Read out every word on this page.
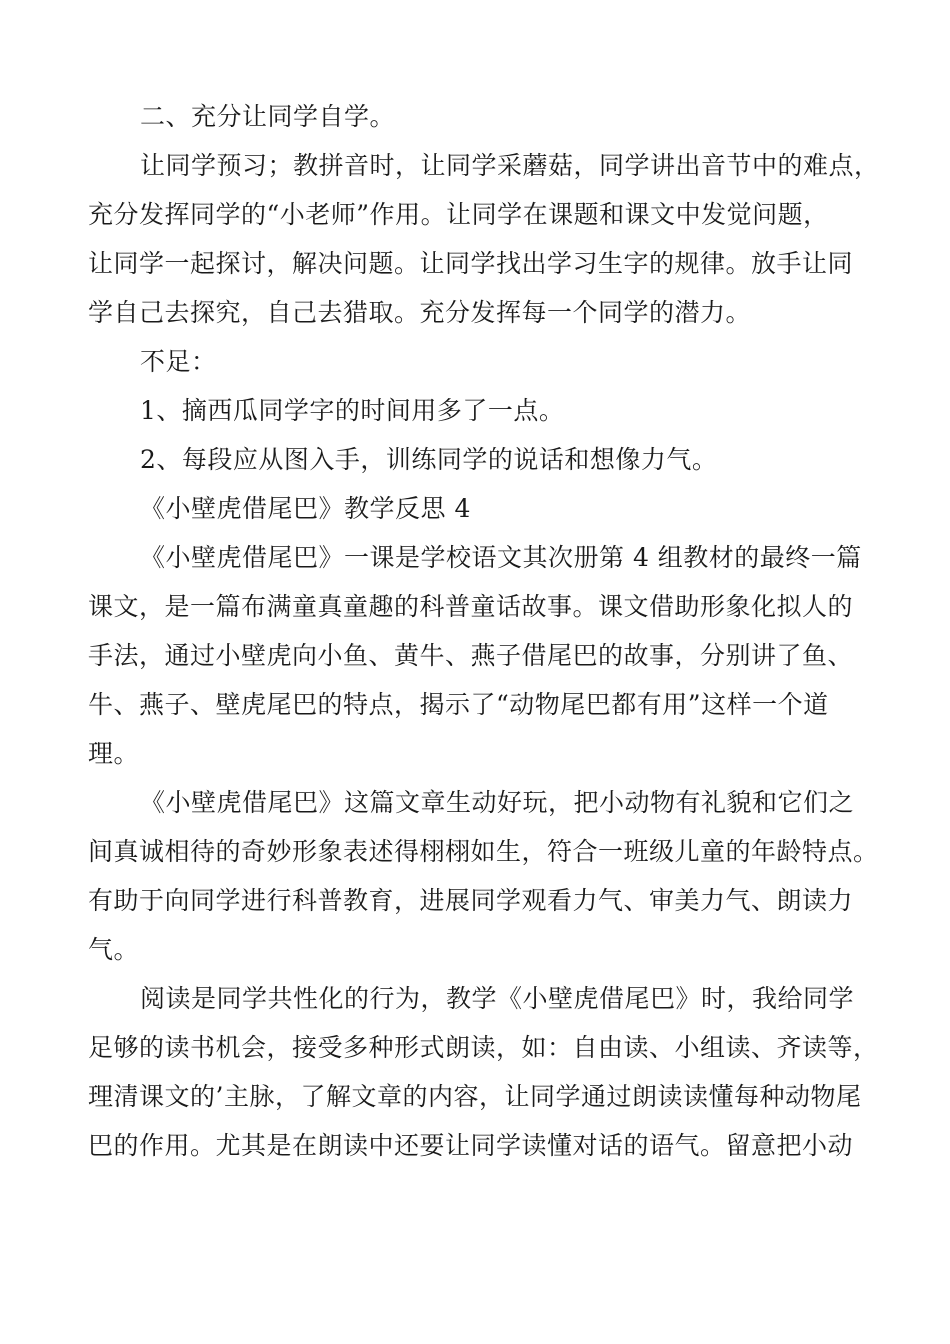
二、充分让同学自学。
让同学预习；教拼音时，让同学采蘑菇，同学讲出音节中的难点，
充分发挥同学的“小老师”作用。让同学在课题和课文中发觉问题，
让同学一起探讨，解决问题。让同学找出学习生字的规律。放手让同
学自己去探究，自己去猎取。充分发挥每一个同学的潜力。
不足：
1、摘西瓜同学字的时间用多了一点。
2、每段应从图入手，训练同学的说话和想像力气。
《小壁虎借尾巴》教学反思 4
《小壁虎借尾巴》一课是学校语文其次册第 4 组教材的最终一篇
课文，是一篇布满童真童趣的科普童话故事。课文借助形象化拟人的
手法，通过小壁虎向小鱼、黄牛、燕子借尾巴的故事，分别讲了鱼、
牛、燕子、壁虎尾巴的特点，揭示了“动物尾巴都有用”这样一个道
理。
《小壁虎借尾巴》这篇文章生动好玩，把小动物有礼貌和它们之
间真诚相待的奇妙形象表述得栩栩如生，符合一班级儿童的年龄特点。
有助于向同学进行科普教育，进展同学观看力气、审美力气、朗读力
气。
阅读是同学共性化的行为，教学《小壁虎借尾巴》时，我给同学
足够的读书机会，接受多种形式朗读，如：自由读、小组读、齐读等，
理清课文的’主脉，了解文章的内容，让同学通过朗读读懂每种动物尾
巴的作用。尤其是在朗读中还要让同学读懂对话的语气。留意把小动
